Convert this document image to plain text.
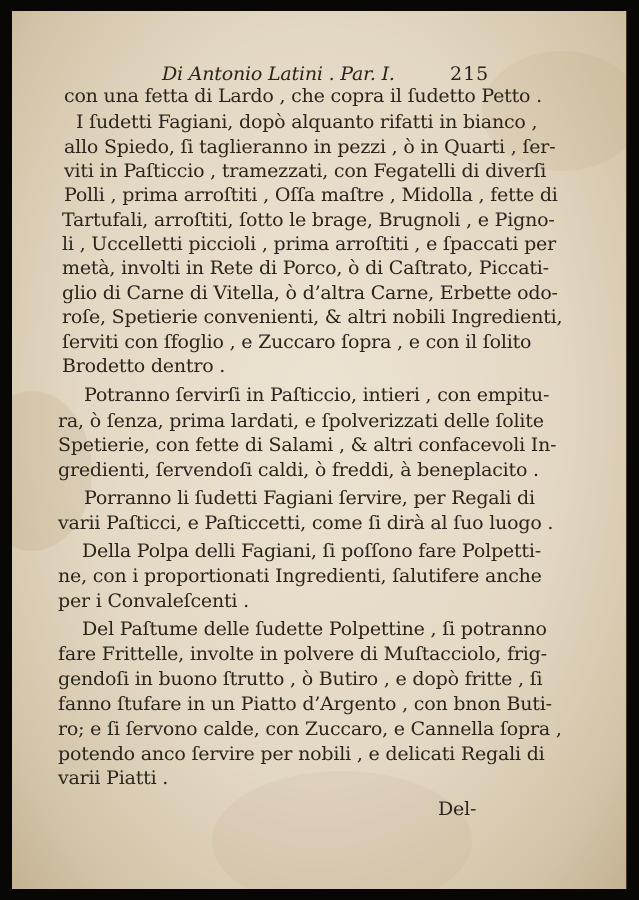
Di Antonio Latini . Par. I.	215
con una fetta di Lardo , che copra il ſudetto Petto .
I ſudetti Fagiani, dopò alquanto rifatti in bianco ,
allo Spiedo, ſi taglieranno in pezzi , ò in Quarti , ſer-
viti in Paſticcio , tramezzati, con Fegatelli di diverſi
Polli , prima arroſtiti , Oſſa maſtre , Midolla , fette di
Tartufali, arroſtiti, ſotto le brage, Brugnoli , e Pigno-
li , Uccelletti piccioli , prima arroſtiti , e ſpaccati per
metà, involti in Rete di Porco, ò di Caſtrato, Piccati-
glio di Carne di Vitella, ò d’altra Carne, Erbette odo-
roſe, Spetierie convenienti, & altri nobili Ingredienti,
ſerviti con ſfoglio , e Zuccaro ſopra , e con il ſolito
Brodetto dentro .
Potranno ſervirſi in Paſticcio, intieri , con empitu-
ra, ò ſenza, prima lardati, e ſpolverizzati delle ſolite
Spetierie, con fette di Salami , & altri confacevoli In-
gredienti, ſervendoſi caldi, ò freddi, à beneplacito .
Porranno li ſudetti Fagiani ſervire, per Regali di
varii Paſticci, e Paſticcetti, come ſi dirà al ſuo luogo .
Della Polpa delli Fagiani, ſi poſſono fare Polpetti-
ne, con i proportionati Ingredienti, ſalutifere anche
per i Convaleſcenti .
Del Paſtume delle ſudette Polpettine , ſi potranno
fare Frittelle, involte in polvere di Muſtacciolo, frig-
gendoſi in buono ſtrutto , ò Butiro , e dopò fritte , ſi
fanno ſtufare in un Piatto d’Argento , con bnon Buti-
ro; e ſi ſervono calde, con Zuccaro, e Cannella ſopra ,
potendo anco ſervire per nobili , e delicati Regali di
varii Piatti .
Del-
